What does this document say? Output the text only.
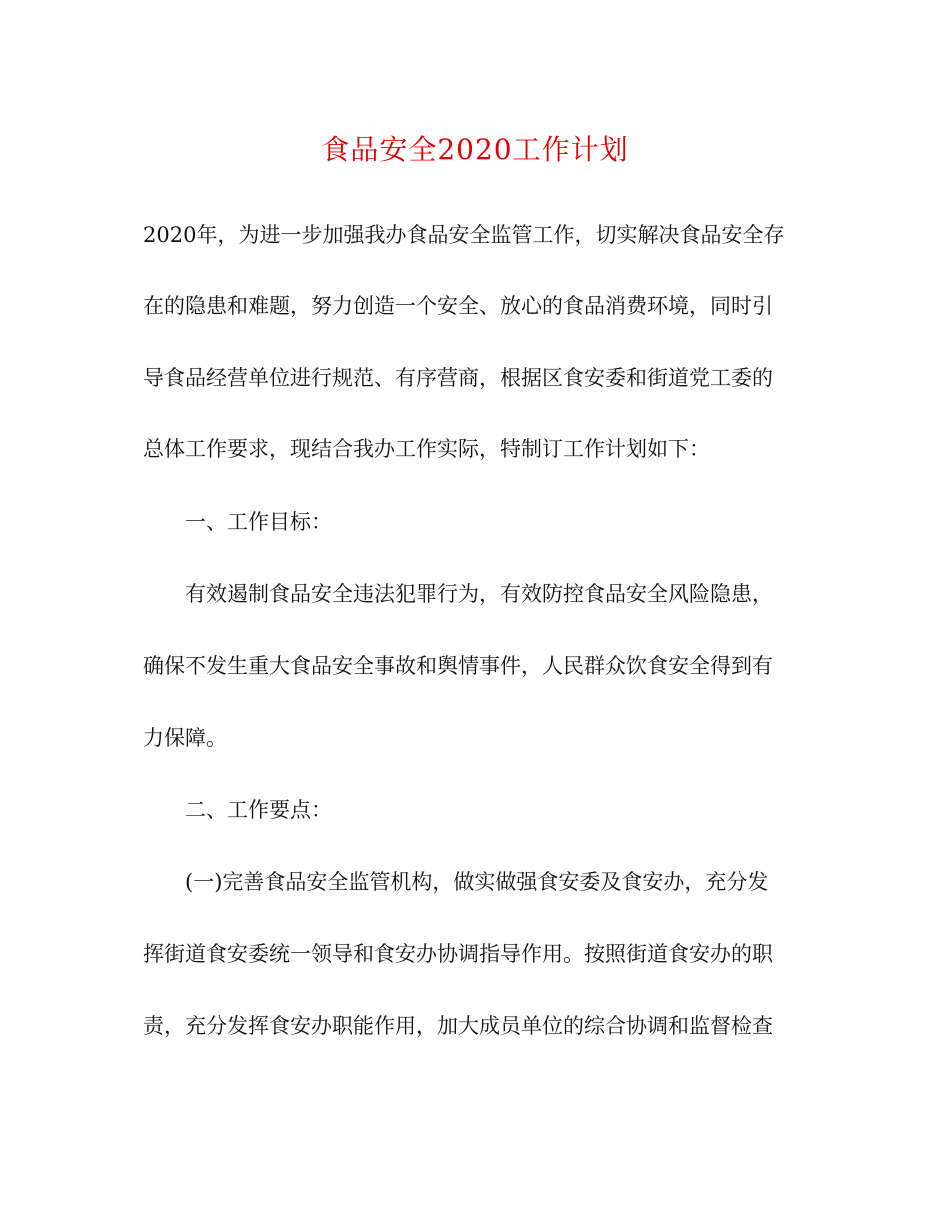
食品安全2020工作计划
2020年，为进一步加强我办食品安全监管工作，切实解决食品安全存
在的隐患和难题，努力创造一个安全、放心的食品消费环境，同时引
导食品经营单位进行规范、有序营商，根据区食安委和街道党工委的
总体工作要求，现结合我办工作实际，特制订工作计划如下：
一、工作目标：
有效遏制食品安全违法犯罪行为，有效防控食品安全风险隐患，
确保不发生重大食品安全事故和舆情事件，人民群众饮食安全得到有
力保障。
二、工作要点：
(一)完善食品安全监管机构，做实做强食安委及食安办，充分发
挥街道食安委统一领导和食安办协调指导作用。按照街道食安办的职
责，充分发挥食安办职能作用，加大成员单位的综合协调和监督检查
